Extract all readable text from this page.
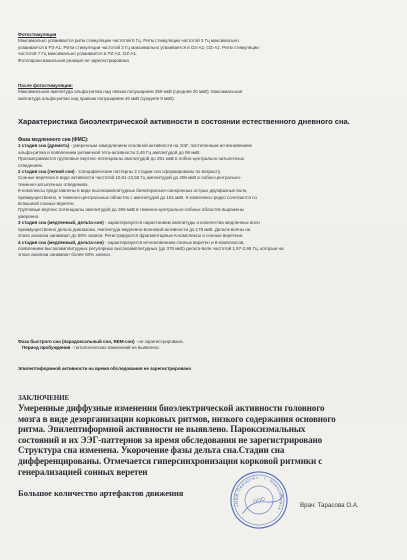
Фотостимуляция
Максимально усваивается ритм стимуляции частотой 5 Гц. Ритм стимуляции частотой 3 Гц максимально
усваивается в P3-A1. Ритм стимуляции частотой 3 Гц максимально усваивается в O2-A2, OZ-A1. Ритм стимуляции
частотой 7 Гц максимально усваивается в PZ-A2, OZ-A1.
Фотопароксизмальная реакция не зарегистрирована
После фотостимуляции:
Максимальная амплитуда альфа-ритма над левым полушарием 359 мкВ (средняя 20 мкВ). Максимальная
амплитуда альфа-ритма над правым полушарием 46 мкВ (средняя 9 мкВ).
Характеристика биоэлектрической активности в состоянии естественного дневного сна.
Фаза медленного сна (ФМС):
1 стадия сна (дремота) - умеренным замедлением основной активности на ЭЭГ, постепенным исчезновением
альфа-ритма и появлением ритмичной тета-активности 3,46 Гц амплитудой до 96 мкВ.
Просматриваются групповые вертекс-потенциалы амплитудой до 291 мкВ в лобно-центрально-затылочных
отведениях.
2 стадия сна (легкий сон) - Специфические паттерны 2 стадии сна сформированы по возрасту.
Сонные веретена в виде активности частотой 10,61-12,55 Гц амплитудой до 206 мкВ в лобно-центрально-
теменно-затылочных отведениях.
К-комплексы представлены в виде высокоамплитудных билатерально-синхронных острых двухфазных волн,
преимущественно, в теменно-центральных областях с амплитудой до 151 мкВ. К-комплексы редко сочетаются со
вспышкой сонных веретен.
Групповые вертекс потенциалы амплитудой до 266 мкВ в теменно-центрально-лобных областях выражены
умеренно.
3 стадия сна (медленный, дельта-сон) - характеризуется нарастанием амплитуды и количества медленных волн
преимущественно дельта диапазона. Амплитуда медленно-волновой активности до 178 мкВ. Дельта-волны на
эпохе анализа занимают до 50% записи. Регистрируются фрагментарные К-комплексы и сонные веретена.
4 стадия сна (медленный, дельта-сон) - характеризуется исчезновением сонных веретен и К-комплексов,
появлением высокоамплитудных регулярных высокоамплитудных (до 376 мкВ) дельта-волн частотой 1,97-2,96 Гц, которые на
эпохе анализа занимают более 50% записи.
Фаза быстрого сна (парадоксальный сон, REM-сон) - не зарегистрирована.
Период пробуждения - патологических изменений не выявлено.
Эпилептиформной активности на время обследования не зарегистрировано
ЗАКЛЮЧЕНИЕ
Умеренные диффузные изменения биоэлектрической активности головного
мозга в виде дезорганизации корковых ритмов, низкого содержания основного
ритма. Эпилептиформной активности не выявлено. Пароксизмальных
состояний и их ЭЭГ-паттернов за время обследования не зарегистрировано
Структура сна изменена. Укорочение фазы дельта сна.Стадии сна
дифференцированы. Отмечается гиперсинхронизация корковой ритмики с
генерализацией сонных веретен
Большое количество артефактов движения
«НВИ Пediatrik» · г. Новосибирск ·
ООО	Врач: Тарасова О.А.
